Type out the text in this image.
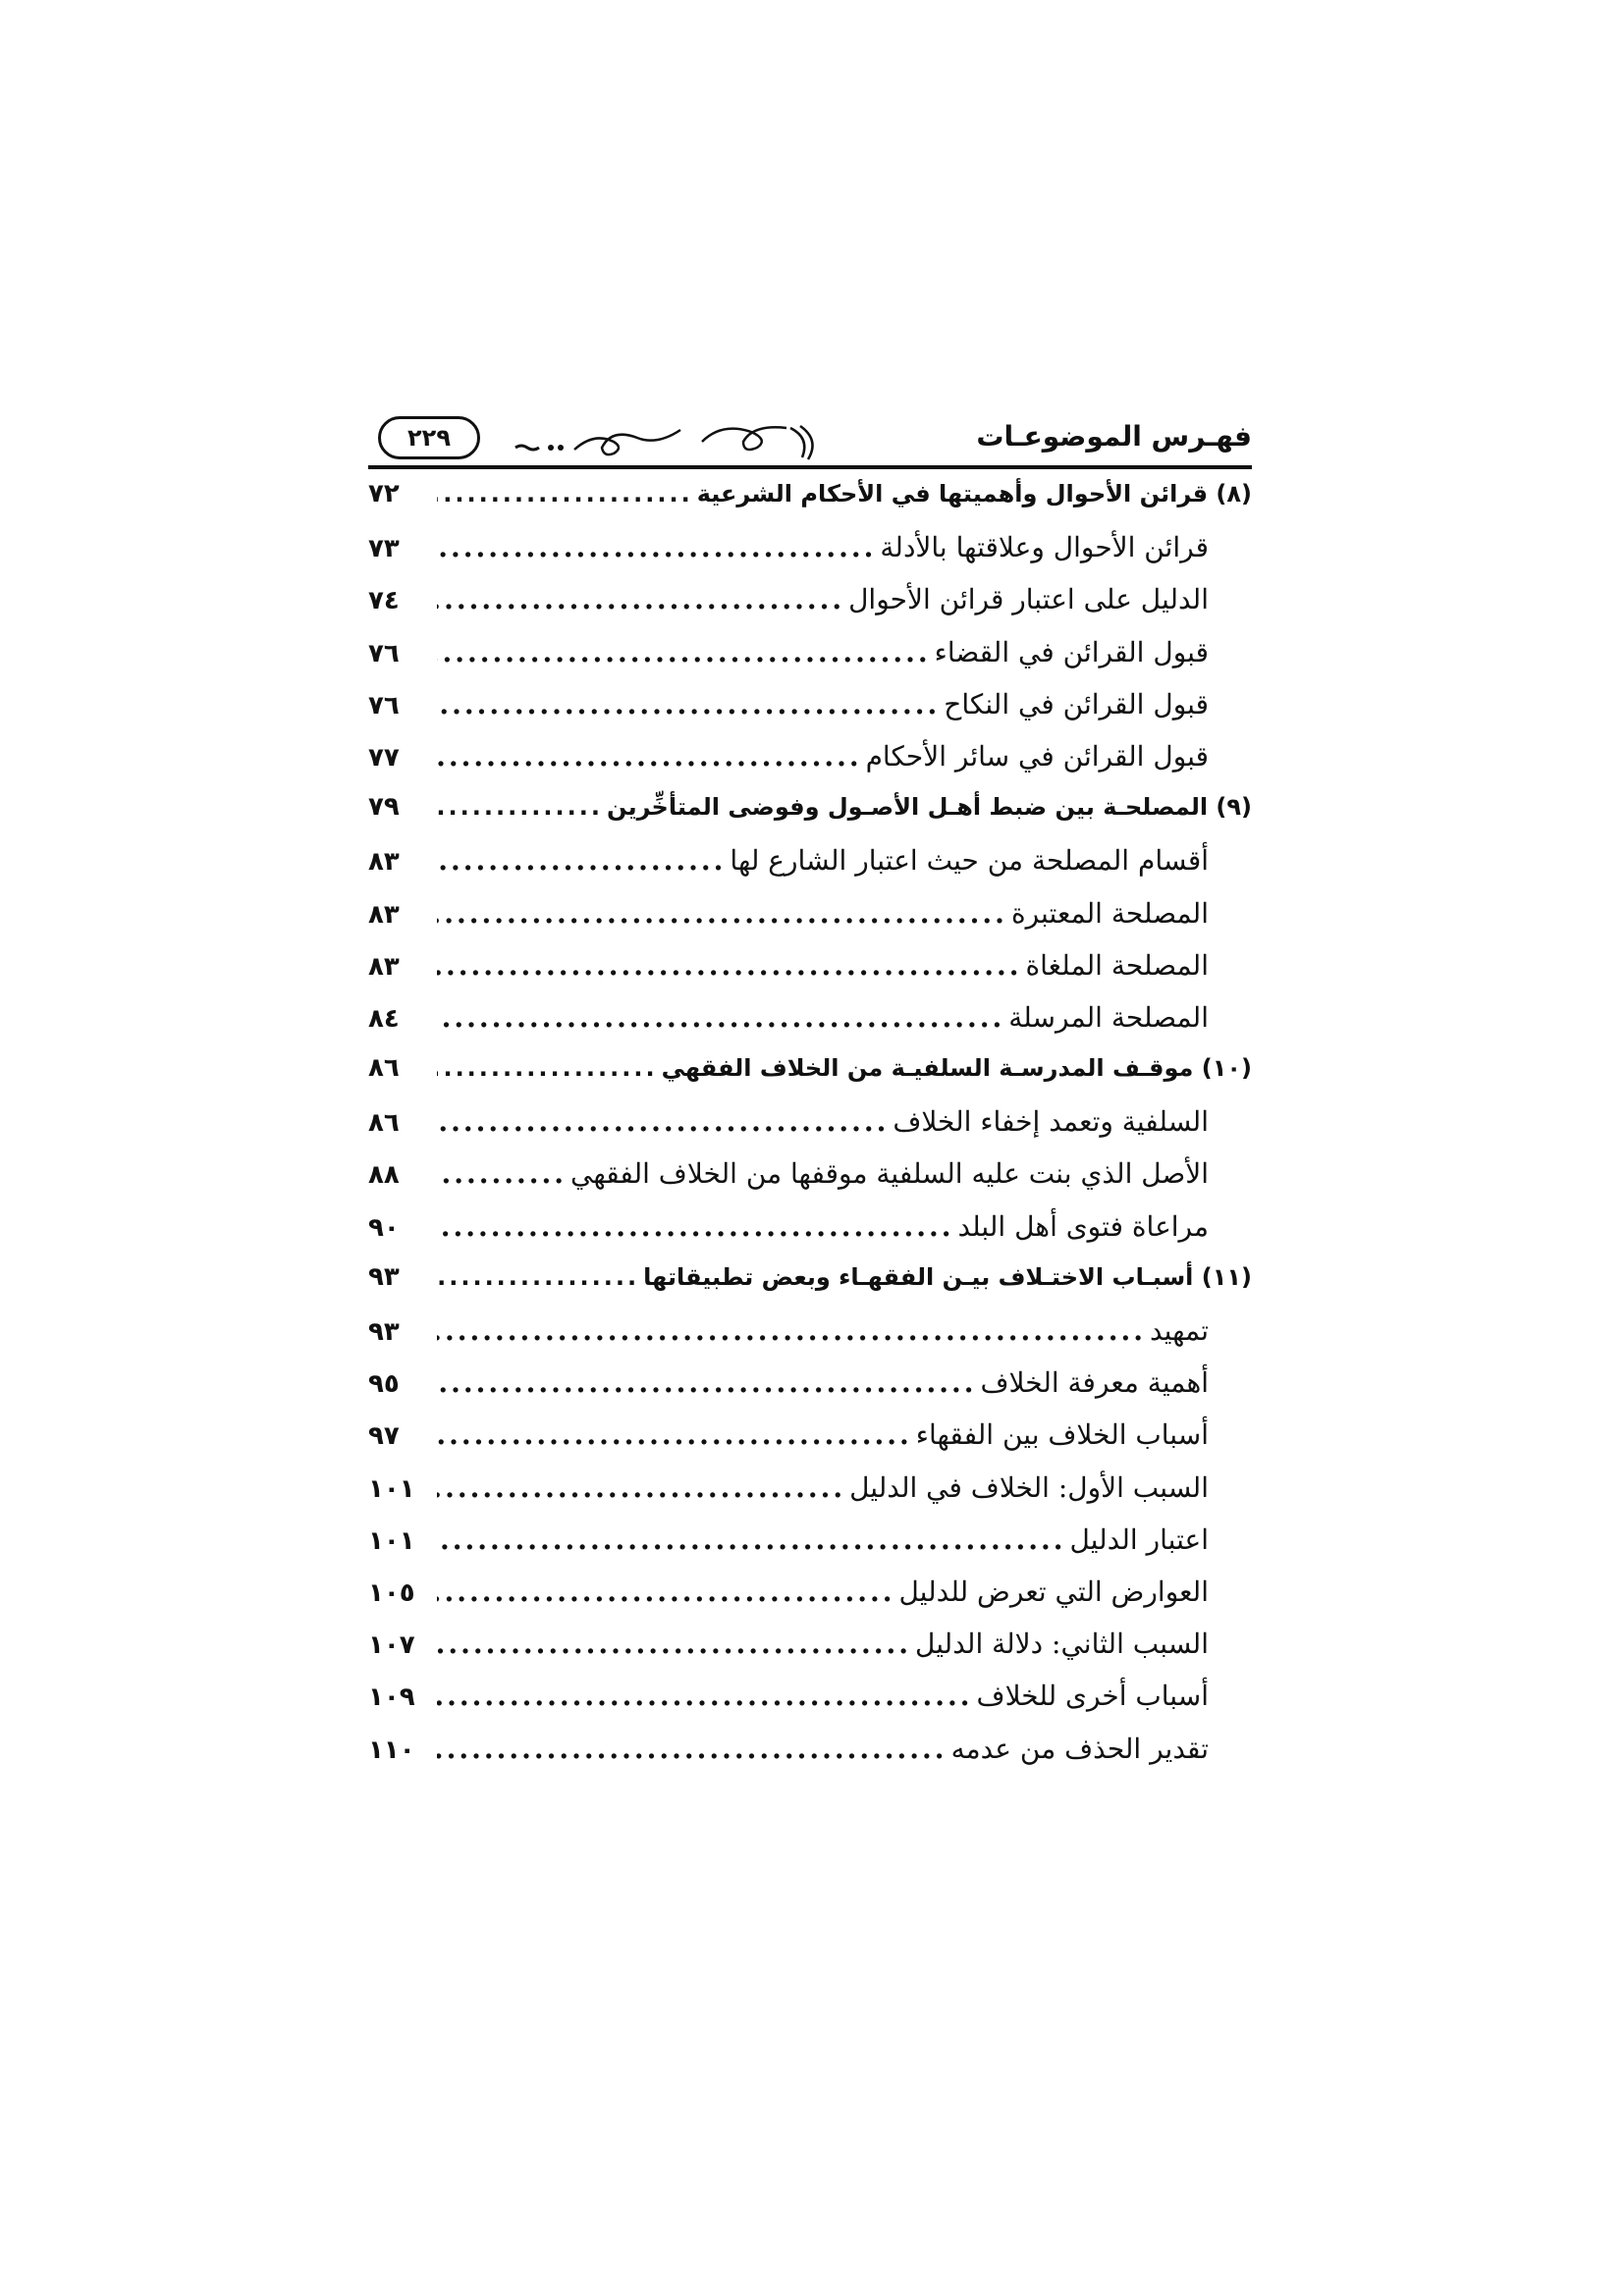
فهـرس الموضوعـات
٢٢٩
(٨) قرائن الأحوال وأهميتها في الأحكام الشرعية
.....
٧٢
قرائن الأحوال وعلاقتها بالأدلة
.....
٧٣
الدليل على اعتبار قرائن الأحوال
.....
٧٤
قبول القرائن في القضاء
.....
٧٦
قبول القرائن في النكاح
.....
٧٦
قبول القرائن في سائر الأحكام
.....
٧٧
(٩) المصلحـة بين ضبط أهـل الأصـول وفوضى المتأخِّرين
.....
٧٩
أقسام المصلحة من حيث اعتبار الشارع لها
.....
٨٣
المصلحة المعتبرة
.....
٨٣
المصلحة الملغاة
.....
٨٣
المصلحة المرسلة
.....
٨٤
(١٠) موقـف المدرسـة السلفيـة من الخلاف الفقهي
.....
٨٦
السلفية وتعمد إخفاء الخلاف
.....
٨٦
الأصل الذي بنت عليه السلفية موقفها من الخلاف الفقهي
.....
٨٨
مراعاة فتوى أهل البلد
.....
٩٠
(١١) أسبـاب الاختـلاف بيـن الفقهـاء وبعض تطبيقاتها
.....
٩٣
تمهيد
.....
٩٣
أهمية معرفة الخلاف
.....
٩٥
أسباب الخلاف بين الفقهاء
.....
٩٧
السبب الأول: الخلاف في الدليل
.....
١٠١
اعتبار الدليل
.....
١٠١
العوارض التي تعرض للدليل
.....
١٠٥
السبب الثاني: دلالة الدليل
.....
١٠٧
أسباب أخرى للخلاف
.....
١٠٩
تقدير الحذف من عدمه
.....
١١٠
